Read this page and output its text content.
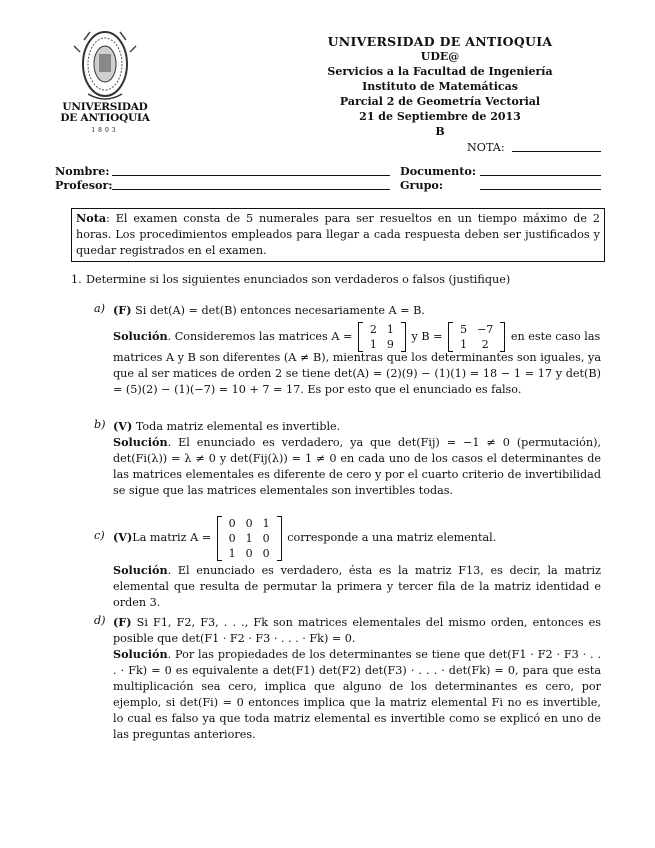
UNIVERSIDAD
DE ANTIOQUIA
1803
UNIVERSIDAD DE ANTIOQUIA
UDE@
Servicios a la Facultad de Ingeniería
Instituto de Matemáticas
Parcial 2 de Geometría Vectorial
21 de Septiembre de 2013
B
NOTA:
Nombre:	Documento:
Profesor:	Grupo:
Nota: El examen consta de 5 numerales para ser resueltos en un tiempo máximo de 2 horas. Los procedimientos empleados para llegar a cada respuesta deben ser justificados y quedar registrados en el examen.
1. Determine si los siguientes enunciados son verdaderos o falsos (justifique)
a) (F) Si det(A) = det(B) entonces necesariamente A = B.
Solución. Consideremos las matrices A =
2	1
1	9
y B =
5	−7
1	2
en este caso las
matrices A y B son diferentes (A ≠ B), mientras que los determinantes son iguales, ya que al ser matices de orden 2 se tiene det(A) = (2)(9) − (1)(1) = 18 − 1 = 17 y det(B) = (5)(2) − (1)(−7) = 10 + 7 = 17. Es por esto que el enunciado es falso.
b) (V) Toda matriz elemental es invertible.
Solución. El enunciado es verdadero, ya que det(Fij) = −1 ≠ 0 (permutación), det(Fi(λ)) = λ ≠ 0 y det(Fij(λ)) = 1 ≠ 0 en cada uno de los casos el determinantes de las matrices elementales es diferente de cero y por el cuarto criterio de invertibilidad se sigue que las matrices elementales son invertibles todas.
c) (V)La matriz A =
0	0	1
0	1	0
1	0	0
corresponde a una matriz elemental.
Solución. El enunciado es verdadero, ésta es la matriz F13, es decir, la matriz elemental que resulta de permutar la primera y tercer fila de la matriz identidad e orden 3.
d) (F) Si F1, F2, F3, . . ., Fk son matrices elementales del mismo orden, entonces es posible que det(F1 · F2 · F3 · . . . · Fk) = 0.
Solución. Por las propiedades de los determinantes se tiene que det(F1 · F2 · F3 · . . . · Fk) = 0 es equivalente a det(F1) det(F2) det(F3) · . . . · det(Fk) = 0, para que esta multiplicación sea cero, implica que alguno de los determinantes es cero, por ejemplo, si det(Fi) = 0 entonces implica que la matriz elemental Fi no es invertible, lo cual es falso ya que toda matriz elemental es invertible como se explicó en uno de las preguntas anteriores.
